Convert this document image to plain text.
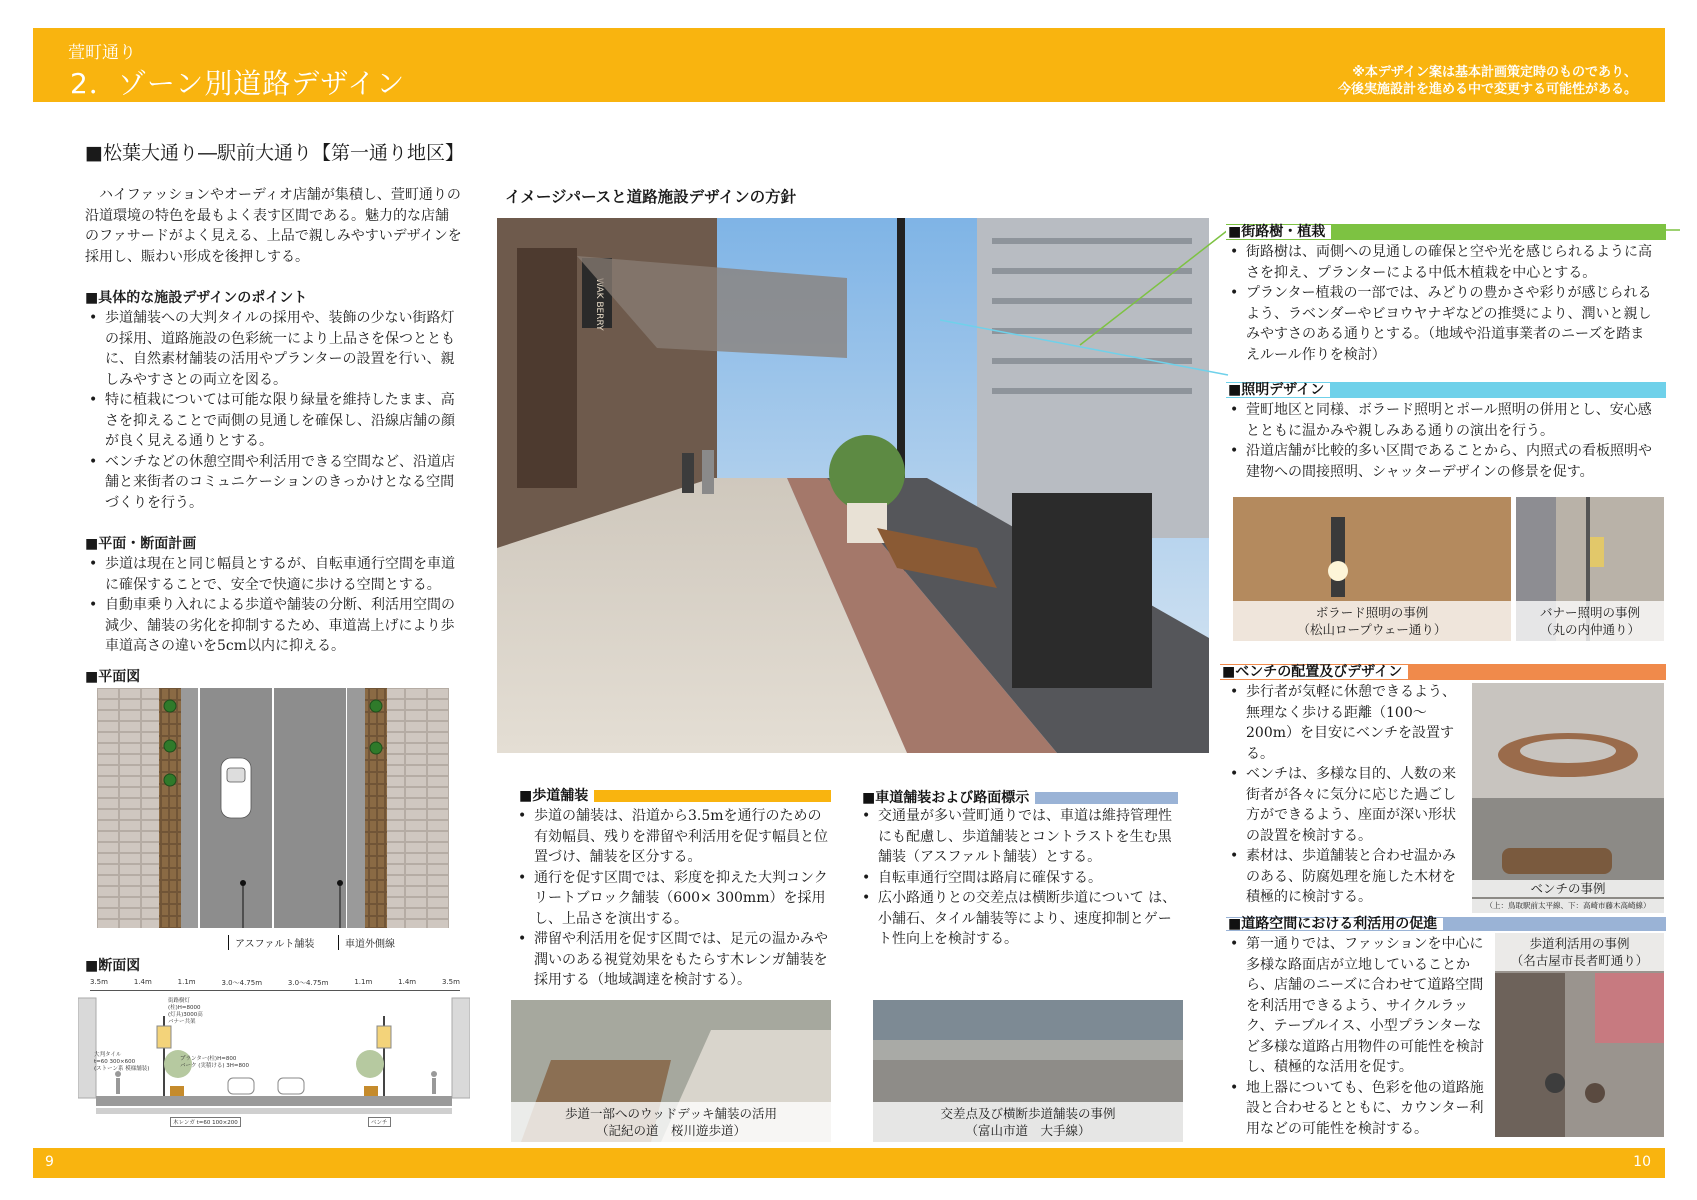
萱町通り
2．ゾーン別道路デザイン	※本デザイン案は基本計画策定時のものであり、
今後実施設計を進める中で変更する可能性がある。
■松葉大通り―駅前大通り【第一通り地区】
ハイファッションやオーディオ店舗が集積し、萱町通りの沿道環境の特色を最もよく表す区間である。魅力的な店舗のファサードがよく見える、上品で親しみやすいデザインを採用し、賑わい形成を後押しする。
■具体的な施設デザインのポイント
• 歩道舗装への大判タイルの採用や、装飾の少ない街路灯の採用、道路施設の色彩統一により上品さを保つとともに、自然素材舗装の活用やプランターの設置を行い、親しみやすさとの両立を図る。
• 特に植栽については可能な限り緑量を維持したまま、高さを抑えることで両側の見通しを確保し、沿線店舗の顔が良く見える通りとする。
• ベンチなどの休憩空間や利活用できる空間など、沿道店舗と来街者のコミュニケーションのきっかけとなる空間づくりを行う。
■平面・断面計画
• 歩道は現在と同じ幅員とするが、自転車通行空間を車道に確保することで、安全で快適に歩ける空間とする。
• 自動車乗り入れによる歩道や舗装の分断、利活用空間の減少、舗装の劣化を抑制するため、車道嵩上げにより歩車道高さの違いを5cm以内に抑える。
■平面図
アスファルト舗装	車道外側線
■断面図
3.5m	1.4m	1.1m	3.0～4.75m	3.0～4.75m	1.1m	1.4m	3.5m
街路樹灯
(柱)H=8000
(灯具)3000高
バナー共架
大判タイル
t=60 300×600
(ストーン系 模様舗装)
プランター(柱)H=800
バーク (実積ける) 3H=800
木レンガ t=60 100×200	ベンチ
イメージパースと道路施設デザインの方針
WAK BERRY
■街路樹・植栽
• 街路樹は、両側への見通しの確保と空や光を感じられるように高さを抑え、プランターによる中低木植栽を中心とする。
• プランター植栽の一部では、みどりの豊かさや彩りが感じられるよう、ラベンダーやビヨウヤナギなどの推奨により、潤いと親しみやすさのある通りとする。（地域や沿道事業者のニーズを踏まえルール作りを検討）
■照明デザイン
• 萱町地区と同様、ボラード照明とポール照明の併用とし、安心感とともに温かみや親しみある通りの演出を行う。
• 沿道店舗が比較的多い区間であることから、内照式の看板照明や建物への間接照明、シャッターデザインの修景を促す。
ボラード照明の事例
（松山ロープウェー通り）
バナー照明の事例
（丸の内仲通り）
■ベンチの配置及びデザイン
• 歩行者が気軽に休憩できるよう、無理なく歩ける距離（100～200m）を目安にベンチを設置する。
• ベンチは、多様な目的、人数の来街者が各々に気分に応じた過ごし方ができるよう、座面が深い形状の設置を検討する。
• 素材は、歩道舗装と合わせ温かみのある、防腐処理を施した木材を積極的に検討する。
ベンチの事例
（上：鳥取駅前太平線、下：高崎市藤木高崎線）
■道路空間における利活用の促進
• 第一通りでは、ファッションを中心に多様な路面店が立地していることから、店舗のニーズに合わせて道路空間を利活用できるよう、サイクルラック、テーブルイス、小型プランターなど多様な道路占用物件の可能性を検討し、積極的な活用を促す。
• 地上器についても、色彩を他の道路施設と合わせるとともに、カウンター利用などの可能性を検討する。
歩道利活用の事例
（名古屋市長者町通り）
■歩道舗装
• 歩道の舗装は、沿道から3.5mを通行のための有効幅員、残りを滞留や利活用を促す幅員と位置づけ、舗装を区分する。
• 通行を促す区間では、彩度を抑えた大判コンクリートブロック舗装（600× 300mm）を採用し、上品さを演出する。
• 滞留や利活用を促す区間では、足元の温かみや潤いのある視覚効果をもたらす木レンガ舗装を採用する（地域調達を検討する）。
歩道一部へのウッドデッキ舗装の活用
（記紀の道　桜川遊歩道）
■車道舗装および路面標示
• 交通量が多い萱町通りでは、車道は維持管理性にも配慮し、歩道舗装とコントラストを生む黒舗装（アスファルト舗装）とする。
• 自転車通行空間は路肩に確保する。
• 広小路通りとの交差点は横断歩道について は、小舗石、タイル舗装等により、速度抑制とゲート性向上を検討する。
交差点及び横断歩道舗装の事例
（富山市道　大手線）
9	10
